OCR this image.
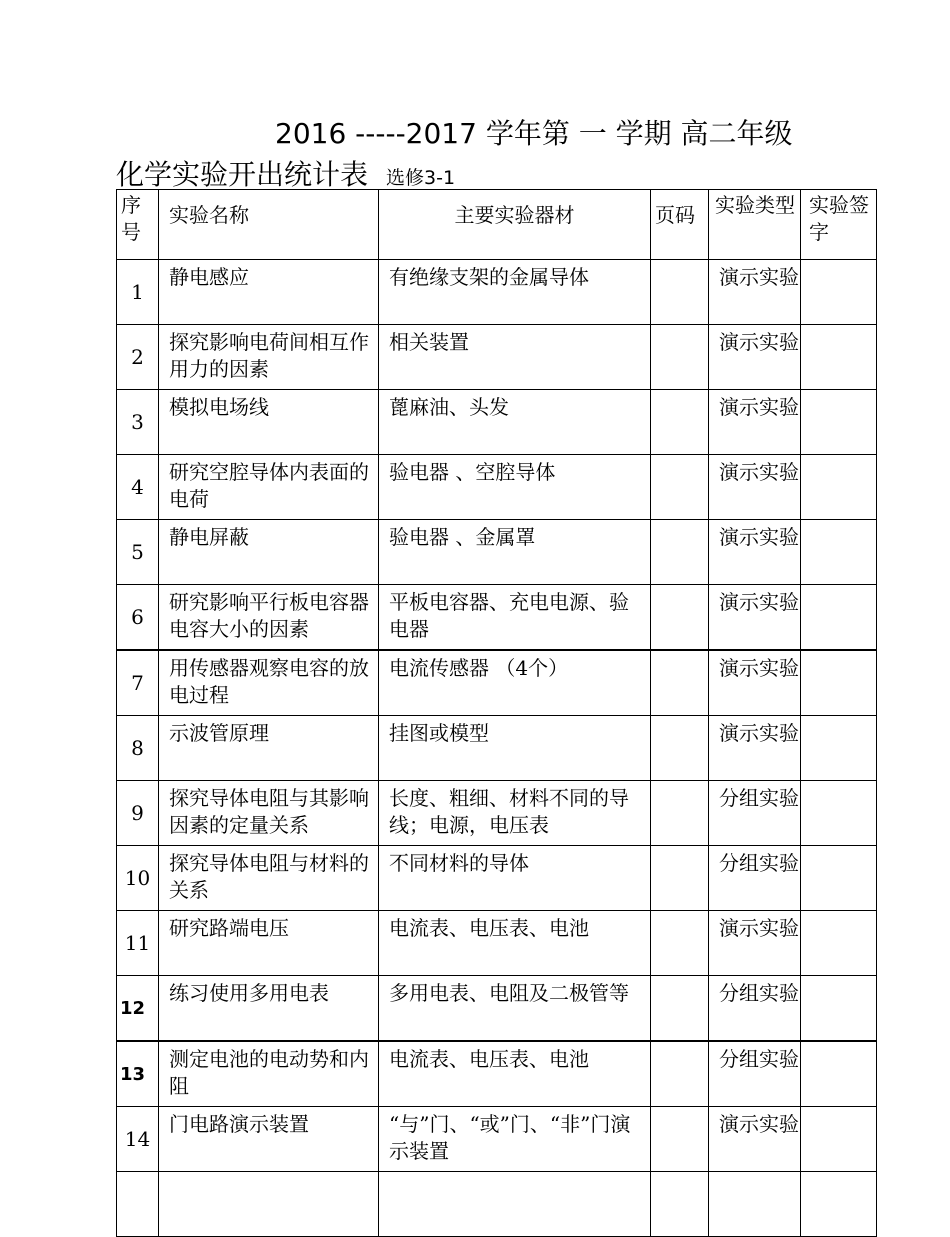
2016 -----2017 学年第 一 学期 高二年级
化学实验开出统计表 选修3-1
序号	实验名称	主要实验器材	页码	实验类型	实验签字
1	静电感应	有绝缘支架的金属导体		演示实验	
2	探究影响电荷间相互作用力的因素	相关装置		演示实验	
3	模拟电场线	蓖麻油、头发		演示实验	
4	研究空腔导体内表面的电荷	验电器 、空腔导体		演示实验	
5	静电屏蔽	验电器 、金属罩		演示实验	
6	研究影响平行板电容器电容大小的因素	平板电容器、充电电源、验电器		演示实验	
7	用传感器观察电容的放电过程	电流传感器 （4个）		演示实验	
8	示波管原理	挂图或模型		演示实验	
9	探究导体电阻与其影响因素的定量关系	长度、粗细、材料不同的导线；电源，电压表		分组实验	
10	探究导体电阻与材料的关系	不同材料的导体		分组实验	
11	研究路端电压	电流表、电压表、电池		演示实验	
12	练习使用多用电表	多用电表、电阻及二极管等		分组实验	
13	测定电池的电动势和内阻	电流表、电压表、电池		分组实验	
14	门电路演示装置	“与”门、“或”门、“非”门演示装置		演示实验	
